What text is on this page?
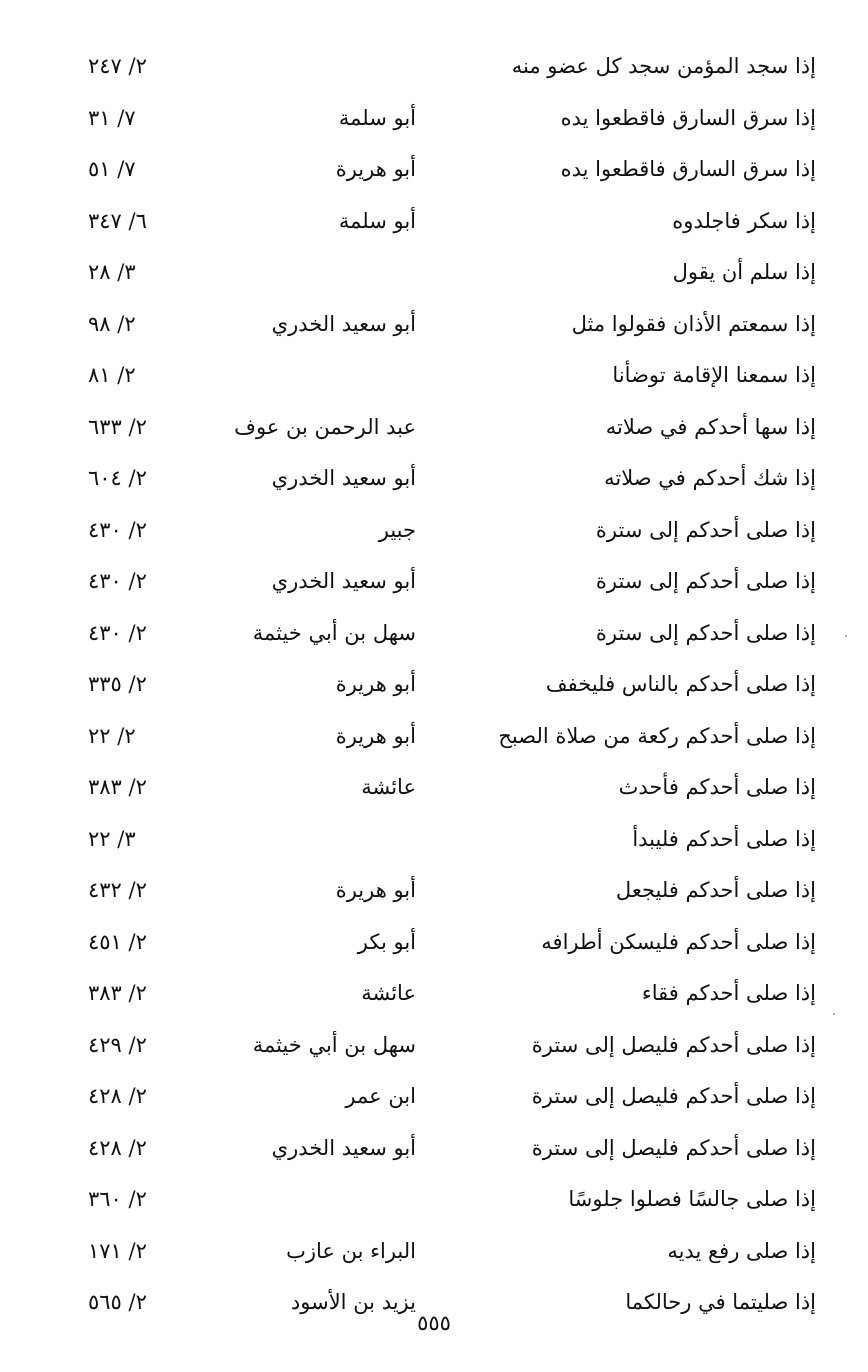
إذا سجد المؤمن سجد كل عضو منه
٢/ ٢٤٧
إذا سرق السارق فاقطعوا يده
أبو سلمة
٧/ ٣١
إذا سرق السارق فاقطعوا يده
أبو هريرة
٧/ ٥١
إذا سكر فاجلدوه
أبو سلمة
٦/ ٣٤٧
إذا سلم أن يقول
٣/ ٢٨
إذا سمعتم الأذان فقولوا مثل
أبو سعيد الخدري
٢/ ٩٨
إذا سمعنا الإقامة توضأنا
٢/ ٨١
إذا سها أحدكم في صلاته
عبد الرحمن بن عوف
٢/ ٦٣٣
إذا شك أحدكم في صلاته
أبو سعيد الخدري
٢/ ٦٠٤
إذا صلى أحدكم إلى سترة
جبير
٢/ ٤٣٠
إذا صلى أحدكم إلى سترة
أبو سعيد الخدري
٢/ ٤٣٠
إذا صلى أحدكم إلى سترة
سهل بن أبي خيثمة
٢/ ٤٣٠
إذا صلى أحدكم بالناس فليخفف
أبو هريرة
٢/ ٣٣٥
إذا صلى أحدكم ركعة من صلاة الصبح
أبو هريرة
٢/ ٢٢
إذا صلى أحدكم فأحدث
عائشة
٢/ ٣٨٣
إذا صلى أحدكم فليبدأ
٣/ ٢٢
إذا صلى أحدكم فليجعل
أبو هريرة
٢/ ٤٣٢
إذا صلى أحدكم فليسكن أطرافه
أبو بكر
٢/ ٤٥١
إذا صلى أحدكم فقاء
عائشة
٢/ ٣٨٣
إذا صلى أحدكم فليصل إلى سترة
سهل بن أبي خيثمة
٢/ ٤٢٩
إذا صلى أحدكم فليصل إلى سترة
ابن عمر
٢/ ٤٢٨
إذا صلى أحدكم فليصل إلى سترة
أبو سعيد الخدري
٢/ ٤٢٨
إذا صلى جالسًا فصلوا جلوسًا
٢/ ٣٦٠
إذا صلى رفع يديه
البراء بن عازب
٢/ ١٧١
إذا صليتما في رحالكما
يزيد بن الأسود
٢/ ٥٦٥
٥٥٥
